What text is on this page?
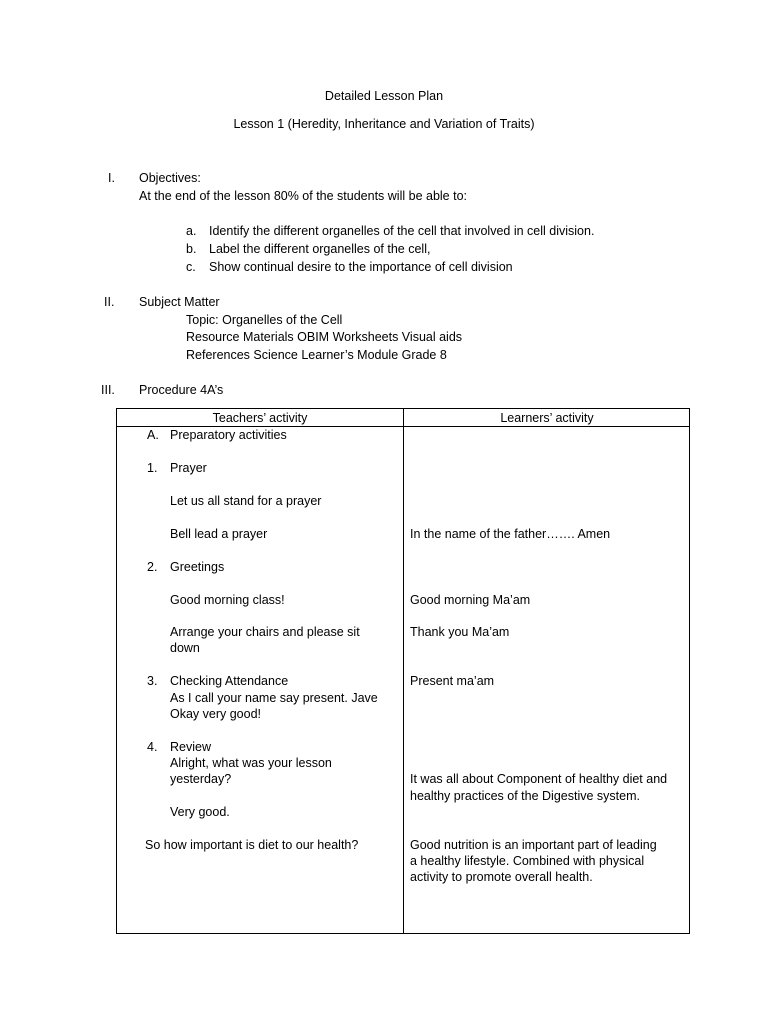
Detailed Lesson Plan
Lesson 1 (Heredity, Inheritance and Variation of Traits)
I. Objectives:
At the end of the lesson 80% of the students will be able to:
a. Identify the different organelles of the cell that involved in cell division.
b. Label the different organelles of the cell,
c. Show continual desire to the importance of cell division
II. Subject Matter
Topic: Organelles of the Cell
Resource Materials OBIM Worksheets Visual aids
References Science Learner’s Module Grade 8
III. Procedure 4A’s
Teachers’ activity	Learners’ activity
A. Preparatory activities
1. Prayer
Let us all stand for a prayer
Bell lead a prayer
2. Greetings
Good morning class!
Arrange your chairs and please sit
down
3. Checking Attendance
As I call your name say present. Jave
Okay very good!
4. Review
Alright, what was your lesson
yesterday?
Very good.
So how important is diet to our health?
In the name of the father……. Amen
Good morning Ma’am
Thank you Ma’am
Present ma’am
It was all about Component of healthy diet and
healthy practices of the Digestive system.
Good nutrition is an important part of leading
a healthy lifestyle. Combined with physical
activity to promote overall health.
